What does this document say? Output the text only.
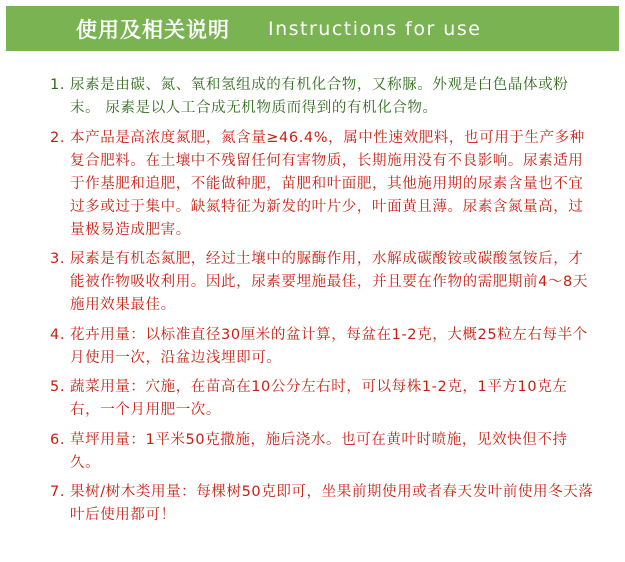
使用及相关说明 Instructions for use
1. 尿素是由碳、氮、氧和氢组成的有机化合物，又称脲。外观是白色晶体或粉末。 尿素是以人工合成无机物质而得到的有机化合物。
2. 本产品是高浓度氮肥，氮含量≥46.4%，属中性速效肥料，也可用于生产多种复合肥料。在土壤中不残留任何有害物质，长期施用没有不良影响。尿素适用于作基肥和追肥，不能做种肥，苗肥和叶面肥，其他施用期的尿素含量也不宜过多或过于集中。缺氮特征为新发的叶片少，叶面黄且薄。尿素含氮量高，过量极易造成肥害。
3. 尿素是有机态氮肥，经过土壤中的脲酶作用，水解成碳酸铵或碳酸氢铵后，才能被作物吸收利用。因此，尿素要埋施最佳，并且要在作物的需肥期前4～8天施用效果最佳。
4. 花卉用量：以标准直径30厘米的盆计算，每盆在1-2克，大概25粒左右每半个月使用一次，沿盆边浅埋即可。
5. 蔬菜用量：穴施，在苗高在10公分左右时，可以每株1-2克，1平方10克左右，一个月用肥一次。
6. 草坪用量：1平米50克撒施，施后浇水。也可在黄叶时喷施，见效快但不持久。
7. 果树/树木类用量：每棵树50克即可，坐果前期使用或者春天发叶前使用冬天落叶后使用都可！
